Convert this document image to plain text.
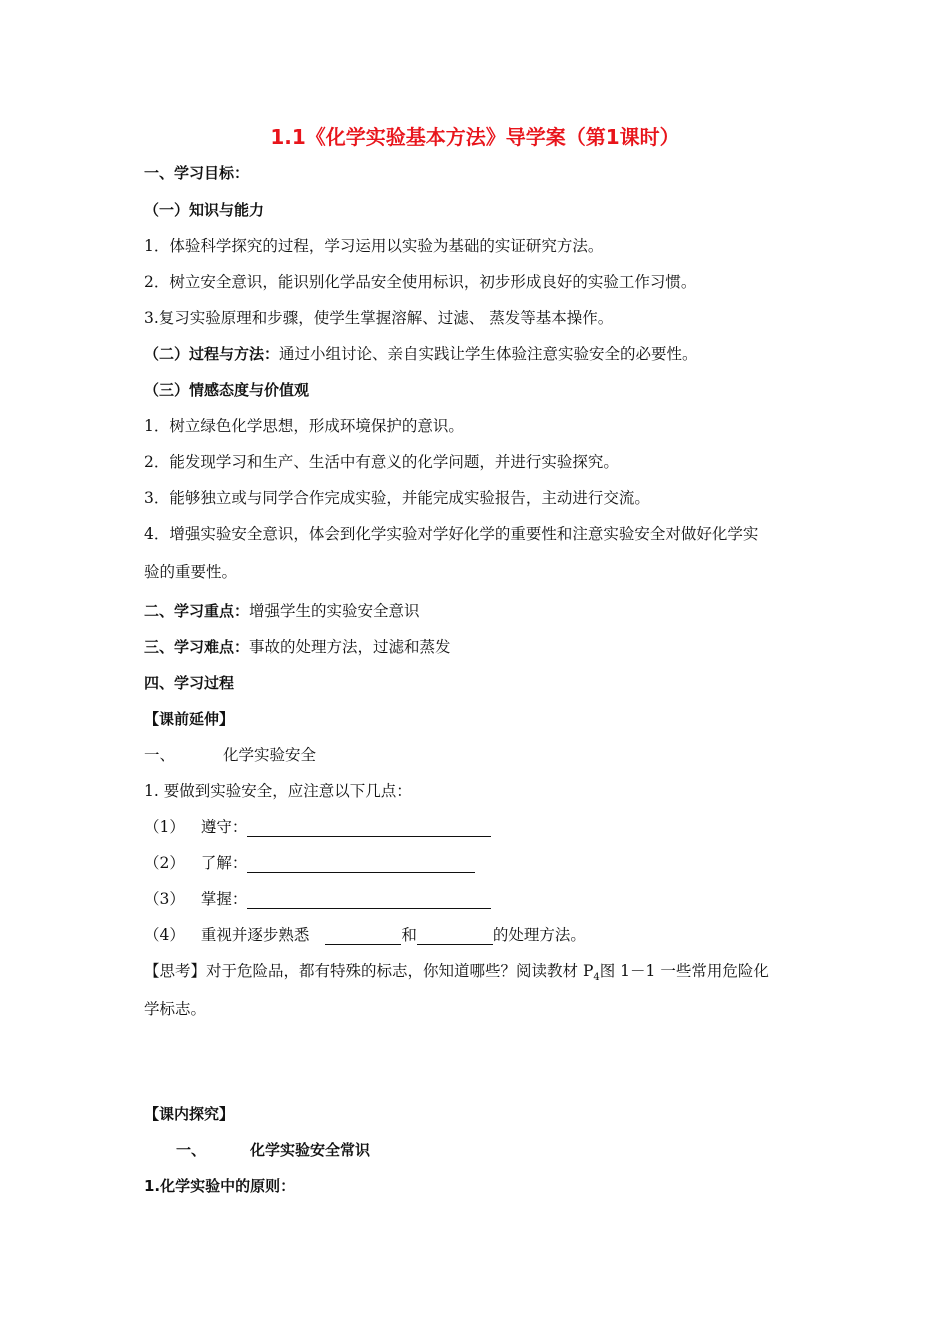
1.1《化学实验基本方法》导学案（第1课时）
一、学习目标：
（一）知识与能力
1．体验科学探究的过程，学习运用以实验为基础的实证研究方法。
2．树立安全意识，能识别化学品安全使用标识，初步形成良好的实验工作习惯。
3.复习实验原理和步骤，使学生掌握溶解、过滤、 蒸发等基本操作。
（二）过程与方法：通过小组讨论、亲自实践让学生体验注意实验安全的必要性。
（三）情感态度与价值观
1．树立绿色化学思想，形成环境保护的意识。
2．能发现学习和生产、生活中有意义的化学问题，并进行实验探究。
3．能够独立或与同学合作完成实验，并能完成实验报告，主动进行交流。
4．增强实验安全意识，体会到化学实验对学好化学的重要性和注意实验安全对做好化学实
验的重要性。
二、学习重点：增强学生的实验安全意识
三、学习难点：事故的处理方法，过滤和蒸发
四、学习过程
【课前延伸】
一、	化学实验安全
1. 要做到实验安全，应注意以下几点：
（1） 遵守：
（2） 了解：
（3） 掌握：
（4） 重视并逐步熟悉	和	的处理方法。
【思考】对于危险品，都有特殊的标志，你知道哪些？阅读教材 $P_4$图 1－1 一些常用危险化
学标志。
【课内探究】
一、	化学实验安全常识
1.化学实验中的原则：
